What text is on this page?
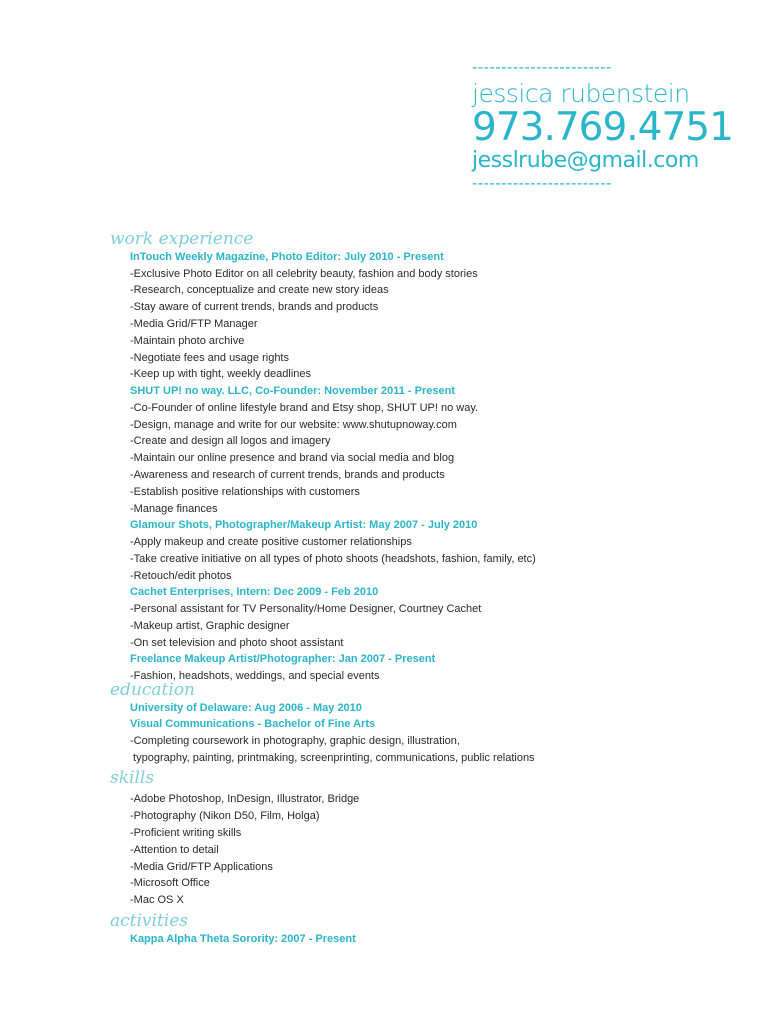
------------------------
jessica rubenstein
973.769.4751
jesslrube@gmail.com
------------------------
work experience
InTouch Weekly Magazine, Photo Editor: July 2010 - Present
-Exclusive Photo Editor on all celebrity beauty, fashion and body stories
-Research, conceptualize and create new story ideas
-Stay aware of current trends, brands and products
-Media Grid/FTP Manager
-Maintain photo archive
-Negotiate fees and usage rights
-Keep up with tight, weekly deadlines
SHUT UP! no way. LLC, Co-Founder: November 2011 - Present
-Co-Founder of online lifestyle brand and Etsy shop, SHUT UP! no way.
-Design, manage and write for our website: www.shutupnoway.com
-Create and design all logos and imagery
-Maintain our online presence and brand via social media and blog
-Awareness and research of current trends, brands and products
-Establish positive relationships with customers
-Manage finances
Glamour Shots, Photographer/Makeup Artist: May 2007 - July 2010
-Apply makeup and create positive customer relationships
-Take creative initiative on all types of photo shoots (headshots, fashion, family, etc)
-Retouch/edit photos
Cachet Enterprises, Intern: Dec 2009 - Feb 2010
-Personal assistant for TV Personality/Home Designer, Courtney Cachet
-Makeup artist, Graphic designer
-On set television and photo shoot assistant
Freelance Makeup Artist/Photographer: Jan 2007 - Present
-Fashion, headshots, weddings, and special events
education
University of Delaware: Aug 2006 - May 2010
Visual Communications - Bachelor of Fine Arts
-Completing coursework in photography, graphic design, illustration,
typography, painting, printmaking, screenprinting, communications, public relations
skills
-Adobe Photoshop, InDesign, Illustrator, Bridge
-Photography (Nikon D50, Film, Holga)
-Proficient writing skills
-Attention to detail
-Media Grid/FTP Applications
-Microsoft Office
-Mac OS X
activities
Kappa Alpha Theta Sorority: 2007 - Present
